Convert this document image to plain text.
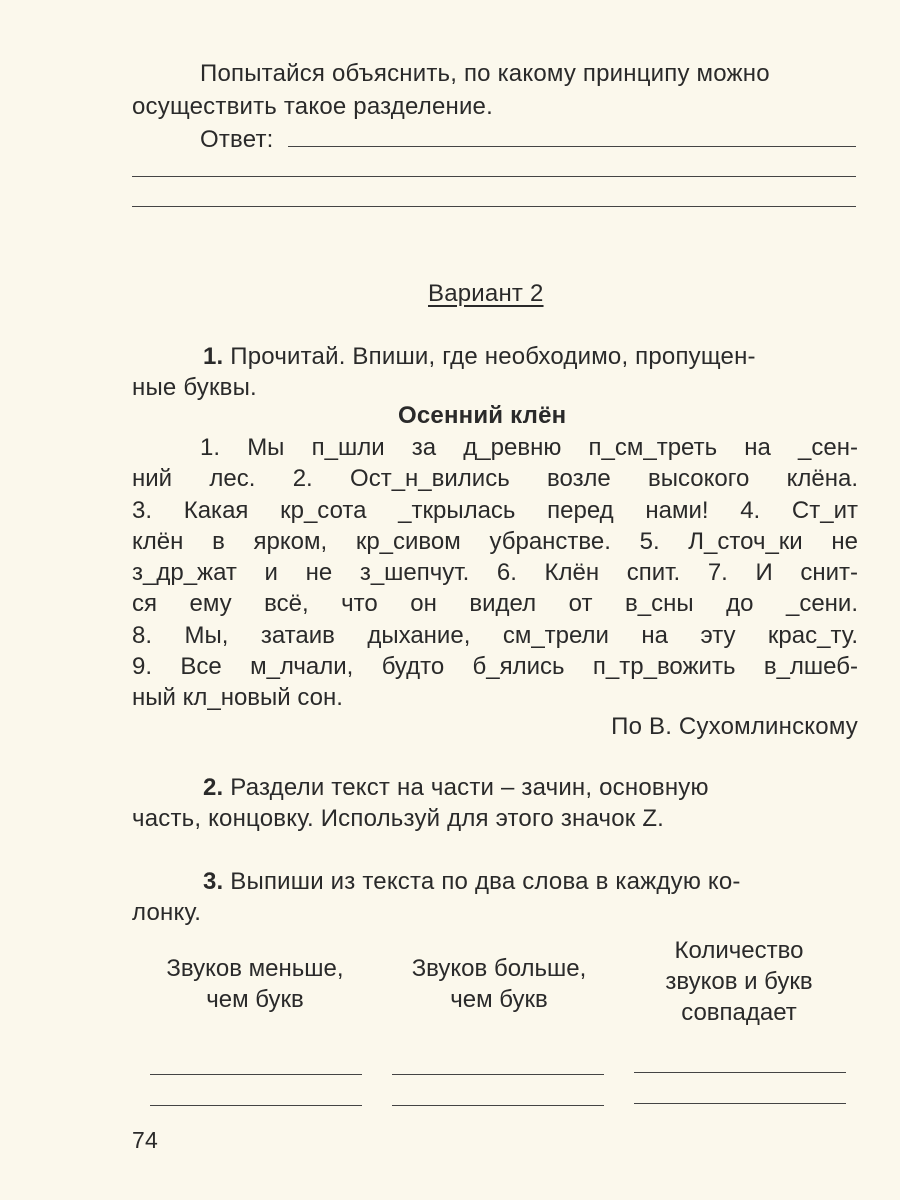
Попытайся объяснить, по какому принципу можно
осуществить такое разделение.
Ответ:
Вариант 2
1. Прочитай. Впиши, где необходимо, пропущен-
ные буквы.
Осенний клён
1. Мы п_шли за д_ревню п_см_треть на _сен-
ний лес. 2. Ост_н_вились возле высокого клёна.
3. Какая кр_сота _ткрылась перед нами! 4. Ст_ит
клён в ярком, кр_сивом убранстве. 5. Л_сточ_ки не
з_др_жат и не з_шепчут. 6. Клён спит. 7. И снит-
ся ему всё, что он видел от в_сны до _сени.
8. Мы, затаив дыхание, см_трели на эту крас_ту.
9. Все м_лчали, будто б_ялись п_тр_вожить в_лшеб-
ный кл_новый сон.
По В. Сухомлинскому
2. Раздели текст на части – зачин, основную
часть, концовку. Используй для этого значок Z.
3. Выпиши из текста по два слова в каждую ко-
лонку.
Звуков меньше,
чем букв
Звуков больше,
чем букв
Количество
звуков и букв
совпадает
74
